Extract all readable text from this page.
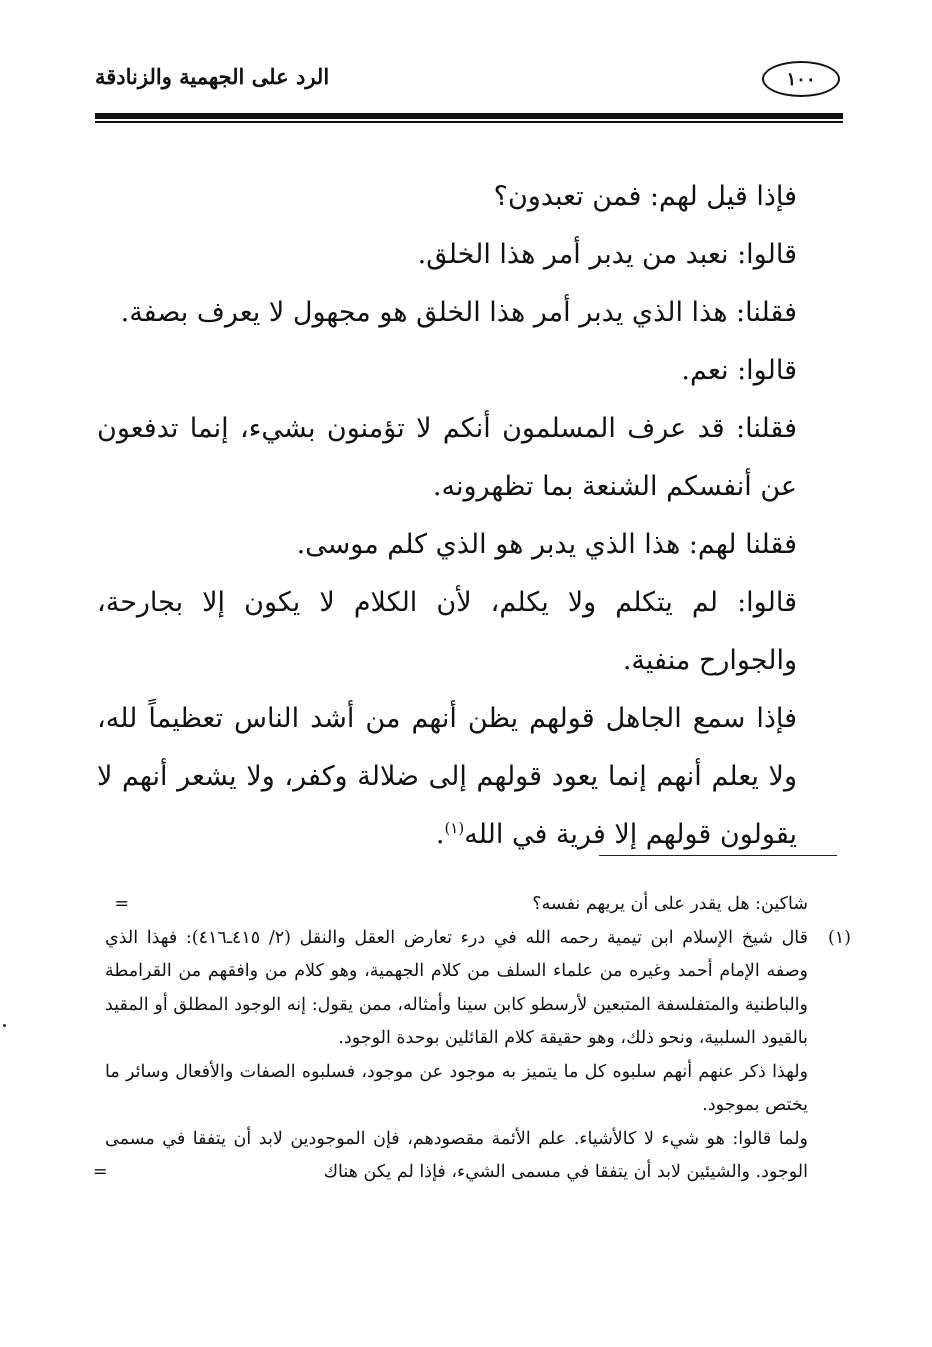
١٠٠
الرد على الجهمية والزنادقة

فإذا قيل لهم: فمن تعبدون؟

قالوا: نعبد من يدبر أمر هذا الخلق.

فقلنا: هذا الذي يدبر أمر هذا الخلق هو مجهول لا يعرف بصفة.

قالوا: نعم.

فقلنا: قد عرف المسلمون أنكم لا تؤمنون بشيء، إنما تدفعون عن أنفسكم الشنعة بما تظهرونه.

فقلنا لهم: هذا الذي يدبر هو الذي كلم موسى.

قالوا: لم يتكلم ولا يكلم، لأن الكلام لا يكون إلا بجارحة، والجوارح منفية.

فإذا سمع الجاهل قولهم يظن أنهم من أشد الناس تعظيماً لله، ولا يعلم أنهم إنما يعود قولهم إلى ضلالة وكفر، ولا يشعر أنهم لا يقولون قولهم إلا فرية في الله$^{(١)}$.

=	شاكين: هل يقدر على أن يريهم نفسه؟

(١)

قال شيخ الإسلام ابن تيمية رحمه الله في درء تعارض العقل والنقل (٢/ ٤١٥ـ٤١٦): فهذا الذي وصفه الإمام أحمد وغيره من علماء السلف من كلام الجهمية، وهو كلام من وافقهم من القرامطة والباطنية والمتفلسفة المتبعين لأرسطو كابن سينا وأمثاله، ممن يقول: إنه الوجود المطلق أو المقيد بالقيود السلبية، ونحو ذلك، وهو حقيقة كلام القائلين بوحدة الوجود.

ولهذا ذكر عنهم أنهم سلبوه كل ما يتميز به موجود عن موجود، فسلبوه الصفات والأفعال وسائر ما يختص بموجود.

ولما قالوا: هو شيء لا كالأشياء. علم الأئمة مقصودهم، فإن الموجودين لابد أن يتفقا في مسمى الوجود. والشيئين لابد أن يتفقا في مسمى الشيء، فإذا لم يكن هناك

=
